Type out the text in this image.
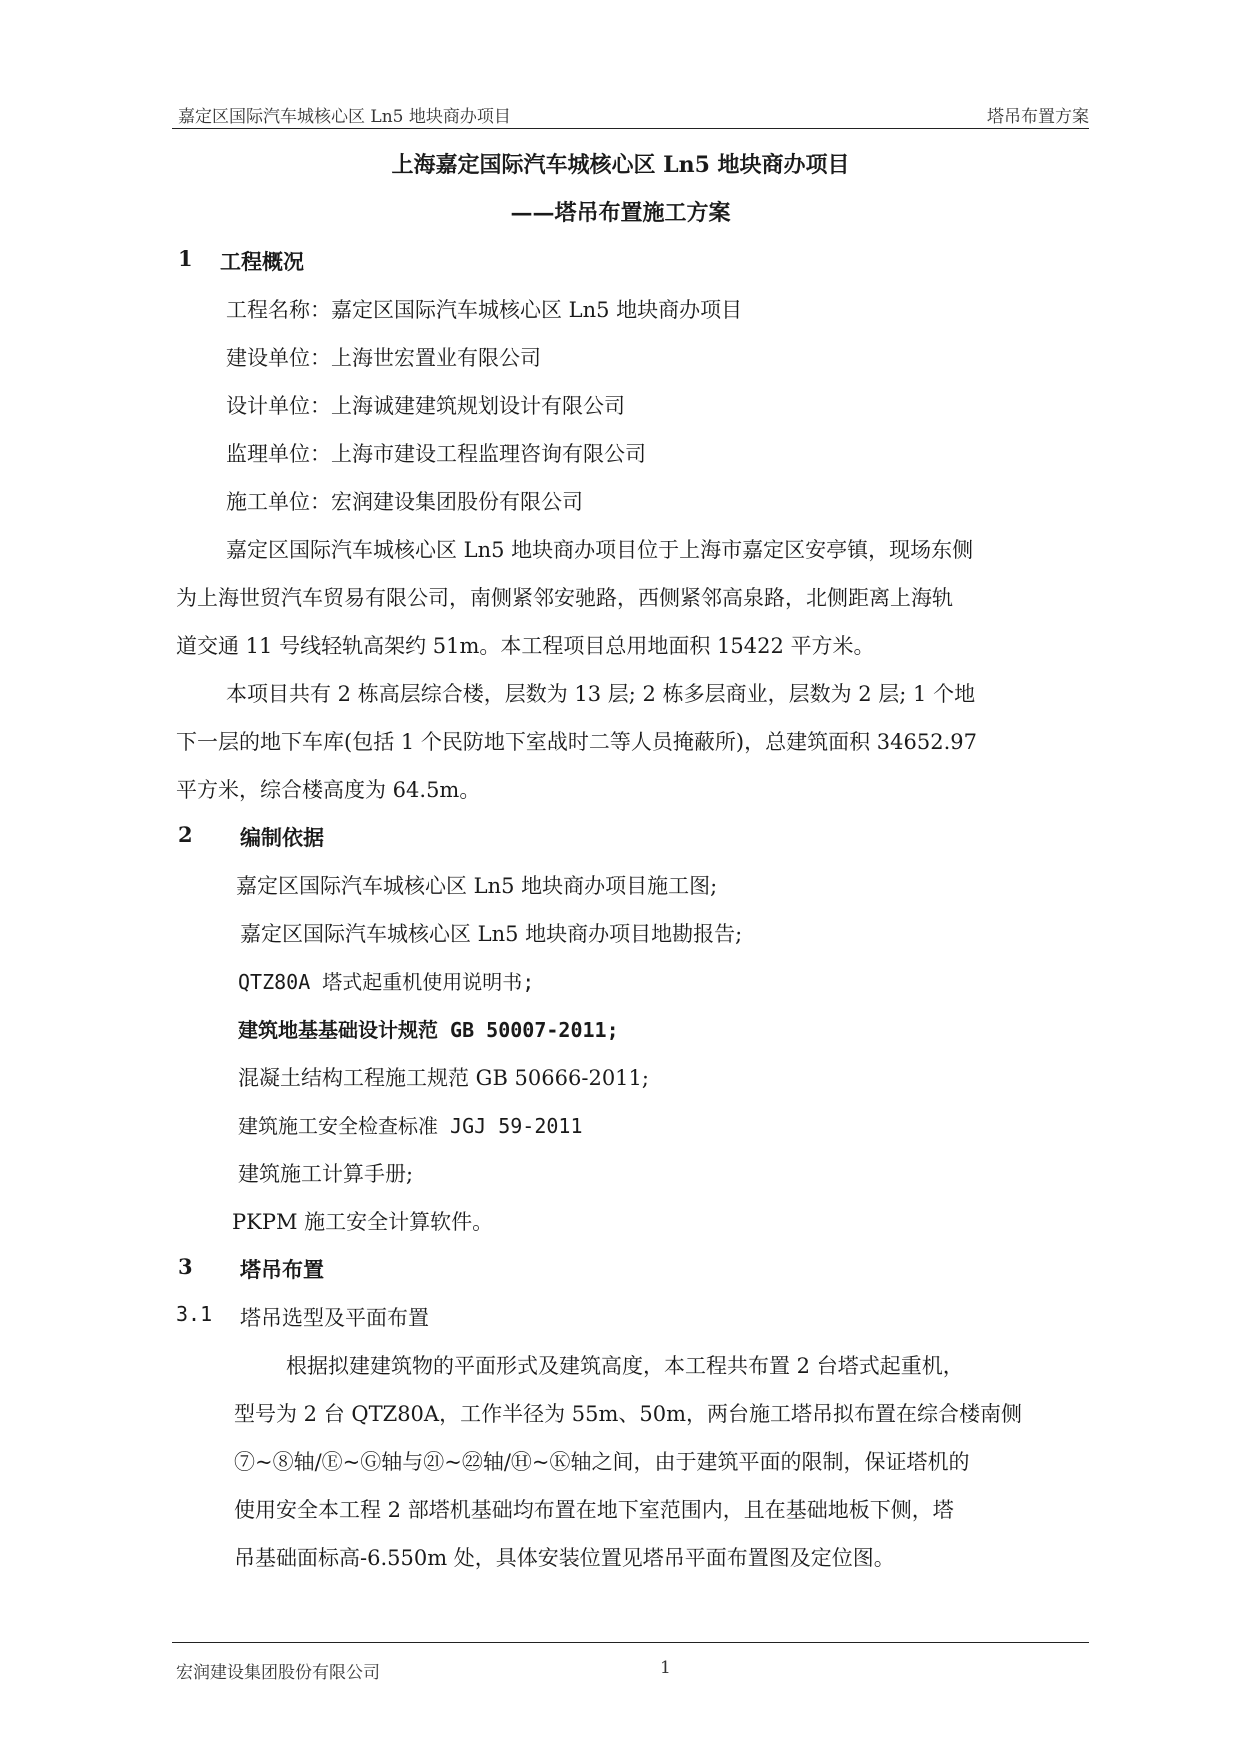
嘉定区国际汽车城核心区 Ln5 地块商办项目	塔吊布置方案
上海嘉定国际汽车城核心区 Ln5 地块商办项目
——塔吊布置施工方案
1 工程概况
工程名称：嘉定区国际汽车城核心区 Ln5 地块商办项目
建设单位：上海世宏置业有限公司
设计单位：上海诚建建筑规划设计有限公司
监理单位：上海市建设工程监理咨询有限公司
施工单位：宏润建设集团股份有限公司
嘉定区国际汽车城核心区 Ln5 地块商办项目位于上海市嘉定区安亭镇，现场东侧
为上海世贸汽车贸易有限公司，南侧紧邻安驰路，西侧紧邻高泉路，北侧距离上海轨
道交通 11 号线轻轨高架约 51m。本工程项目总用地面积 15422 平方米。
本项目共有 2 栋高层综合楼，层数为 13 层; 2 栋多层商业，层数为 2 层; 1 个地
下一层的地下车库(包括 1 个民防地下室战时二等人员掩蔽所)，总建筑面积 34652.97
平方米，综合楼高度为 64.5m。
2 编制依据
嘉定区国际汽车城核心区 Ln5 地块商办项目施工图;
嘉定区国际汽车城核心区 Ln5 地块商办项目地勘报告;
QTZ80A 塔式起重机使用说明书;
建筑地基基础设计规范 GB 50007-2011;
混凝土结构工程施工规范 GB 50666-2011;
建筑施工安全检查标准 JGJ 59-2011
建筑施工计算手册;
PKPM 施工安全计算软件。
3 塔吊布置
3.1 塔吊选型及平面布置
根据拟建建筑物的平面形式及建筑高度，本工程共布置 2 台塔式起重机，
型号为 2 台 QTZ80A，工作半径为 55m、50m，两台施工塔吊拟布置在综合楼南侧
⑦~⑧轴/Ⓔ~Ⓖ轴与㉑~㉒轴/Ⓗ~Ⓚ轴之间，由于建筑平面的限制，保证塔机的
使用安全本工程 2 部塔机基础均布置在地下室范围内，且在基础地板下侧，塔
吊基础面标高-6.550m 处，具体安装位置见塔吊平面布置图及定位图。
宏润建设集团股份有限公司	1
